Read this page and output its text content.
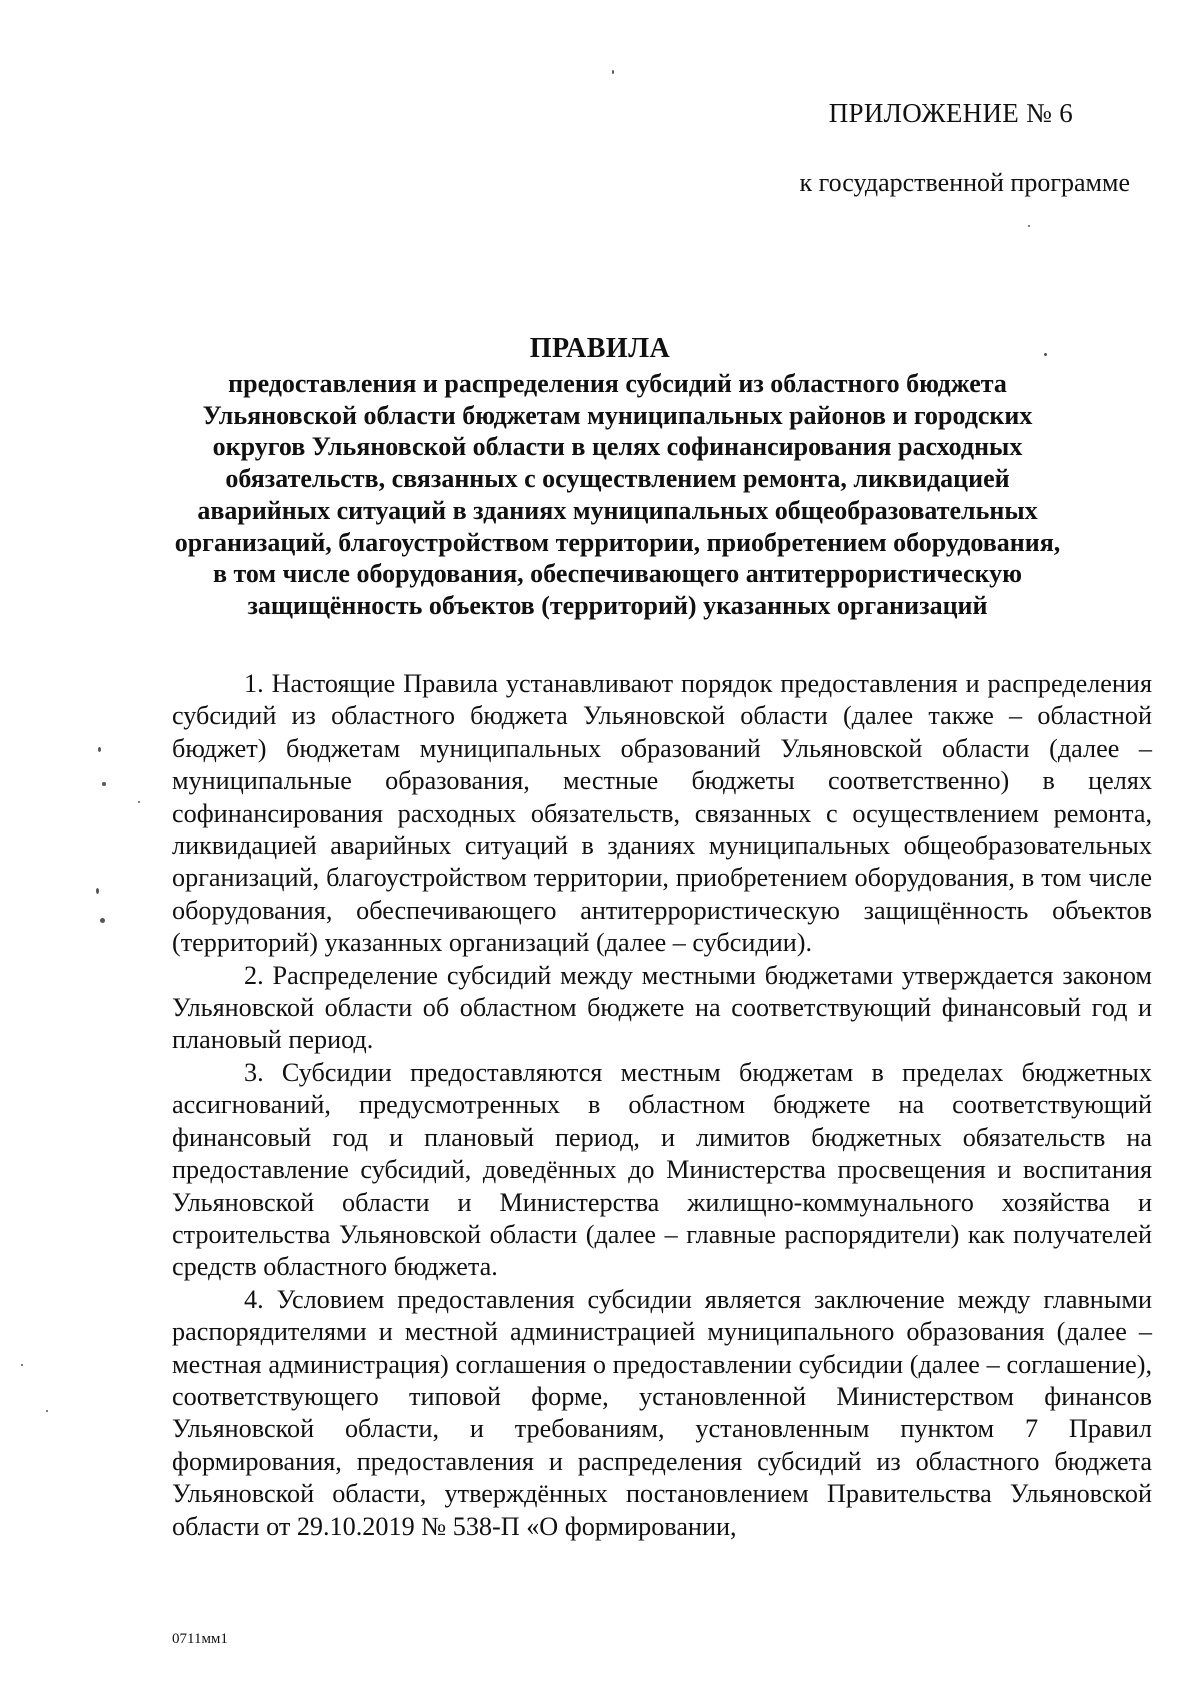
ПРИЛОЖЕНИЕ № 6
к государственной программе
ПРАВИЛА
предоставления и распределения субсидий из областного бюджета Ульяновской области бюджетам муниципальных районов и городских округов Ульяновской области в целях софинансирования расходных обязательств, связанных с осуществлением ремонта, ликвидацией аварийных ситуаций в зданиях муниципальных общеобразовательных организаций, благоустройством территории, приобретением оборудования, в том числе оборудования, обеспечивающего антитеррористическую защищённость объектов (территорий) указанных организаций

1. Настоящие Правила устанавливают порядок предоставления и распределения субсидий из областного бюджета Ульяновской области (далее также – областной бюджет) бюджетам муниципальных образований Ульяновской области (далее – муниципальные образования, местные бюджеты соответственно) в целях софинансирования расходных обязательств, связанных с осуществлением ремонта, ликвидацией аварийных ситуаций в зданиях муниципальных общеобразовательных организаций, благоустройством территории, приобретением оборудования, в том числе оборудования, обеспечивающего антитеррористическую защищённость объектов (территорий) указанных организаций (далее – субсидии).

2. Распределение субсидий между местными бюджетами утверждается законом Ульяновской области об областном бюджете на соответствующий финансовый год и плановый период.

3. Субсидии предоставляются местным бюджетам в пределах бюджетных ассигнований, предусмотренных в областном бюджете на соответствующий финансовый год и плановый период, и лимитов бюджетных обязательств на предоставление субсидий, доведённых до Министерства просвещения и воспитания Ульяновской области и Министерства жилищно-коммунального хозяйства и строительства Ульяновской области (далее – главные распорядители) как получателей средств областного бюджета.

4. Условием предоставления субсидии является заключение между главными распорядителями и местной администрацией муниципального образования (далее – местная администрация) соглашения о предоставлении субсидии (далее – соглашение), соответствующего типовой форме, установленной Министерством финансов Ульяновской области, и требованиям, установленным пунктом 7 Правил формирования, предоставления и распределения субсидий из областного бюджета Ульяновской области, утверждённых постановлением Правительства Ульяновской области от 29.10.2019 № 538-П «О формировании,

0711мм1
